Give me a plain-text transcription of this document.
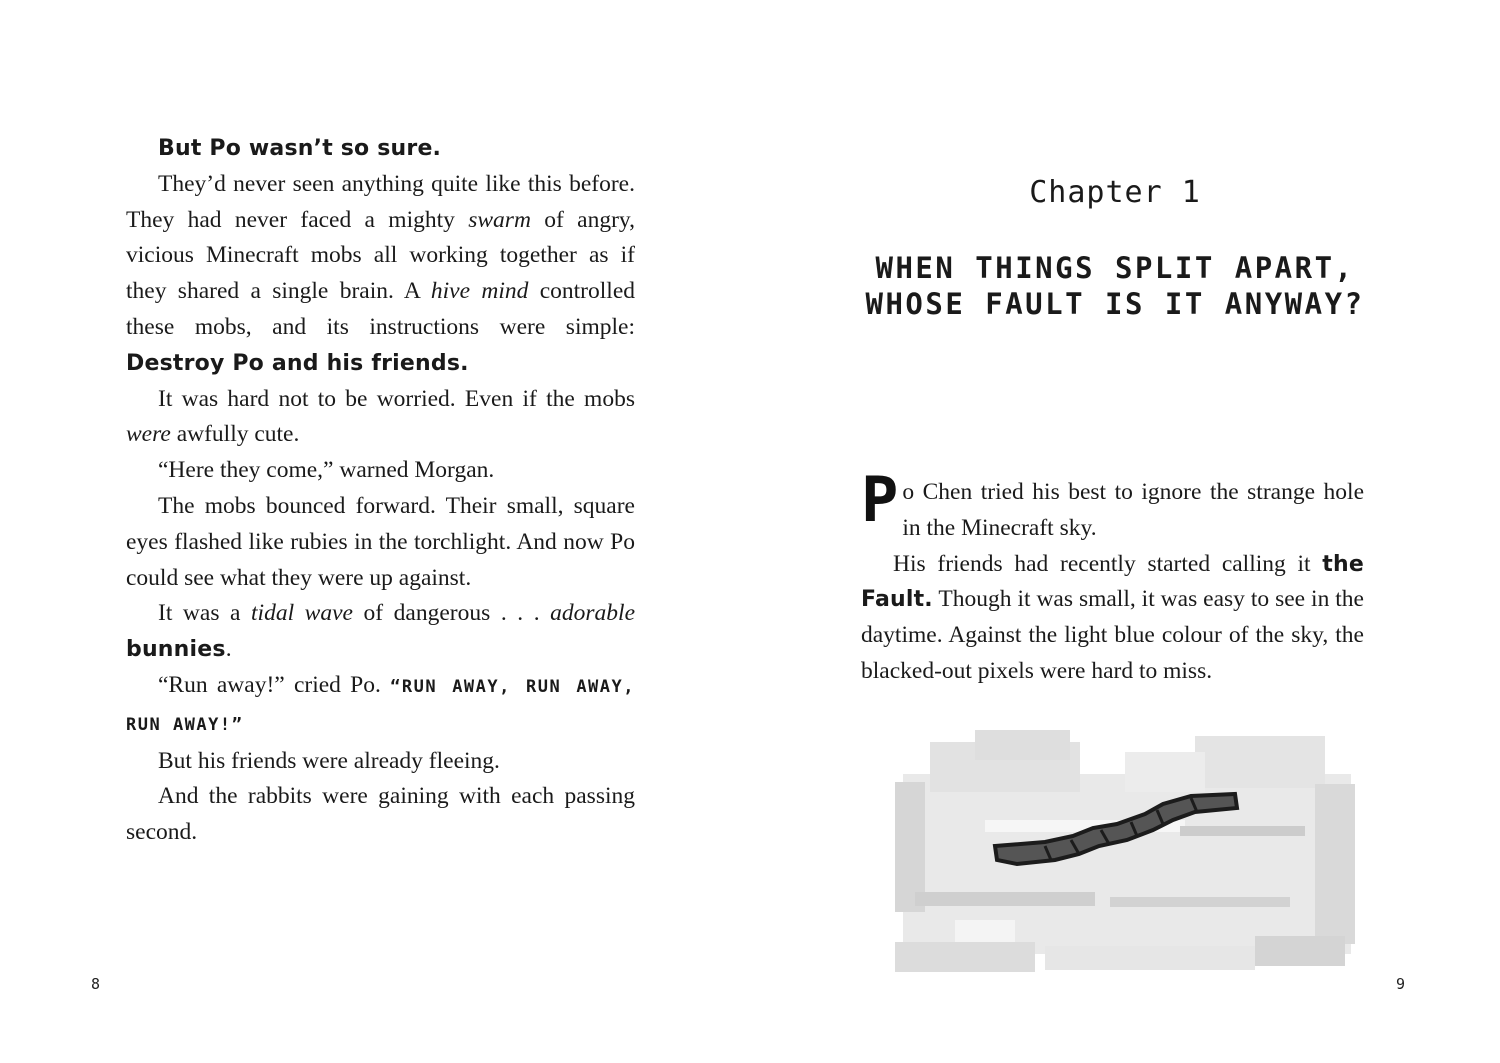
But Po wasn’t so sure.

They’d never seen anything quite like this before. They had never faced a mighty swarm of angry, vicious Minecraft mobs all working together as if they shared a single brain. A hive mind controlled these mobs, and its instructions were simple: Destroy Po and his friends.

It was hard not to be worried. Even if the mobs were awfully cute.

“Here they come,” warned Morgan.

The mobs bounced forward. Their small, square eyes flashed like rubies in the torchlight. And now Po could see what they were up against.

It was a tidal wave of dangerous . . . adorable bunnies.

“Run away!” cried Po. “RUN AWAY, RUN AWAY, RUN AWAY!”

But his friends were already fleeing.

And the rabbits were gaining with each passing second.

8
Chapter 1
WHEN THINGS SPLIT APART, WHOSE FAULT IS IT ANYWAY?

Po Chen tried his best to ignore the strange hole in the Minecraft sky.

His friends had recently started calling it the Fault. Though it was small, it was easy to see in the daytime. Against the light blue colour of the sky, the blacked-out pixels were hard to miss.

9
